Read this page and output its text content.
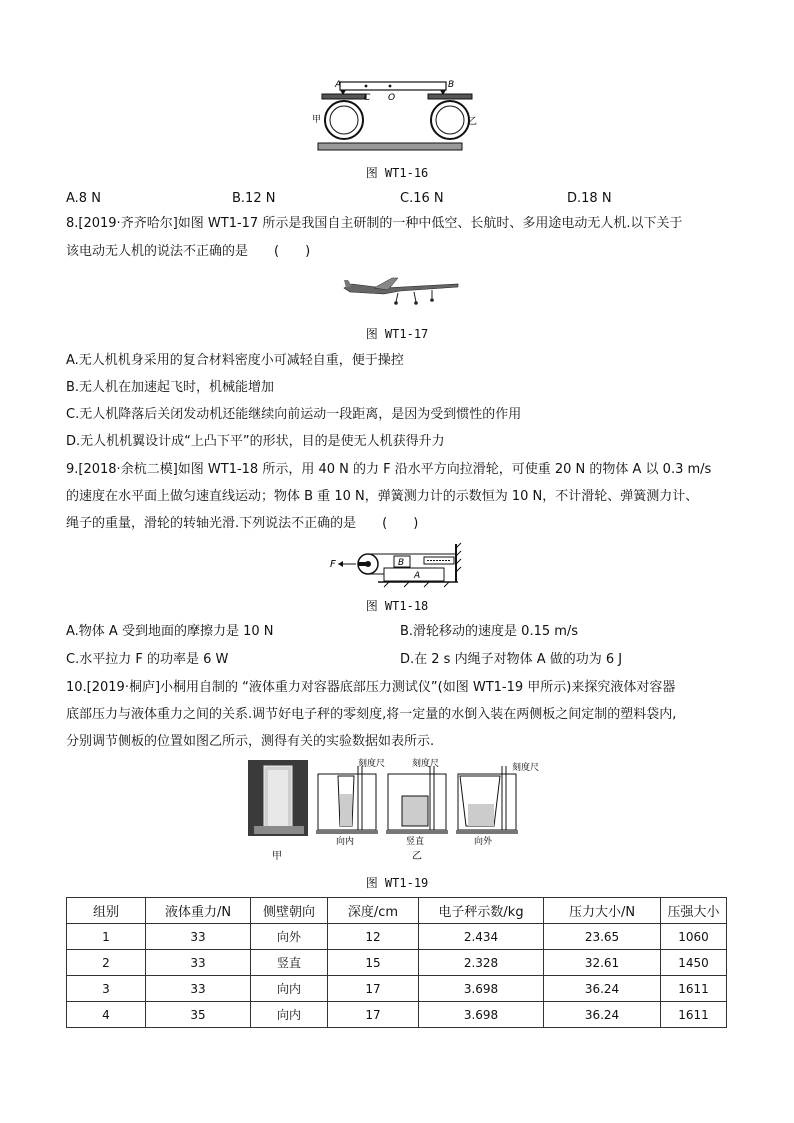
A	B
C O
甲	乙
图 WT1-16
A.8 N	B.12 N	C.16 N	D.18 N
8.[2019·齐齐哈尔]如图 WT1-17 所示是我国自主研制的一种中低空、长航时、多用途电动无人机.以下关于
该电动无人机的说法不正确的是　　(　　)
图 WT1-17
A.无人机机身采用的复合材料密度小可减轻自重，便于操控
B.无人机在加速起飞时，机械能增加
C.无人机降落后关闭发动机还能继续向前运动一段距离，是因为受到惯性的作用
D.无人机机翼设计成“上凸下平”的形状，目的是使无人机获得升力
9.[2018·余杭二模]如图 WT1-18 所示，用 40 N 的力 F 沿水平方向拉滑轮，可使重 20 N 的物体 A 以 0.3 m/s
的速度在水平面上做匀速直线运动；物体 B 重 10 N，弹簧测力计的示数恒为 10 N，不计滑轮、弹簧测力计、
绳子的重量，滑轮的转轴光滑.下列说法不正确的是　　(　　)
F	B
A
图 WT1-18
A.物体 A 受到地面的摩擦力是 10 N	B.滑轮移动的速度是 0.15 m/s
C.水平拉力 F 的功率是 6 W	D.在 2 s 内绳子对物体 A 做的功为 6 J
10.[2019·桐庐]小桐用自制的 “液体重力对容器底部压力测试仪”(如图 WT1-19 甲所示)来探究液体对容器
底部压力与液体重力之间的关系.调节好电子秤的零刻度,将一定量的水倒入装在两侧板之间定制的塑料袋内,
分别调节侧板的位置如图乙所示，测得有关的实验数据如表所示.
甲
刻度尺
向内
刻度尺
竖直
乙
刻度尺
向外
图 WT1-19
组别	液体重力/N	侧壁朝向	深度/cm	电子秤示数/kg	压力大小/N	压强大小
1	33	向外	12	2.434	23.65	1060
2	33	竖直	15	2.328	32.61	1450
3	33	向内	17	3.698	36.24	1611
4	35	向内	17	3.698	36.24	1611
